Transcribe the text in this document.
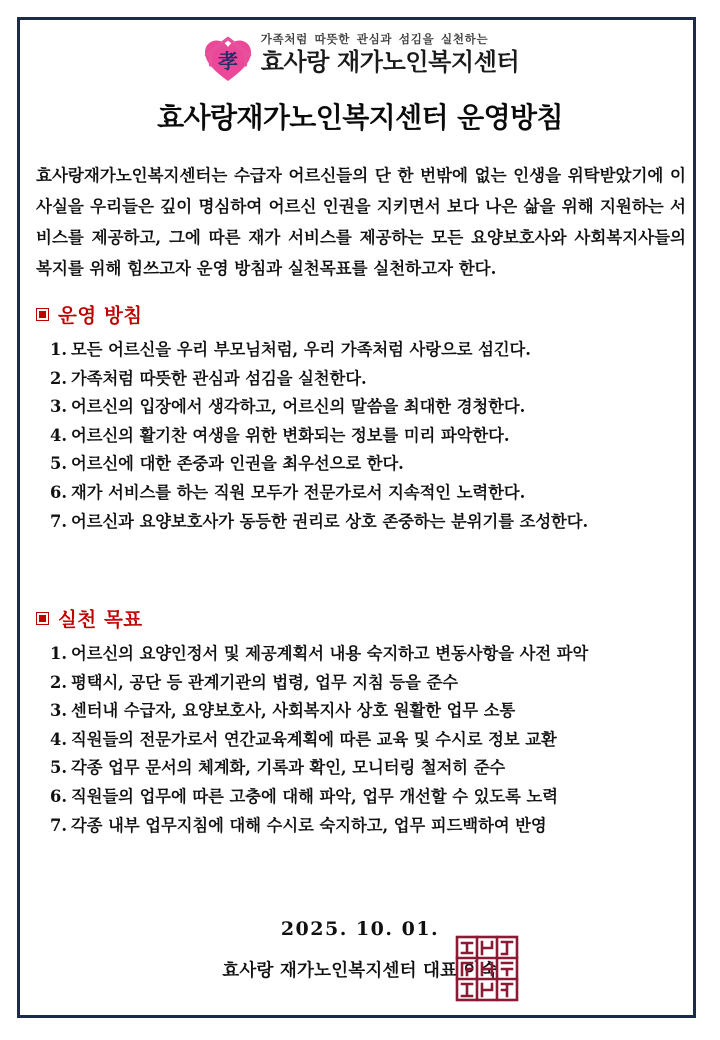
孝
가족처럼 따뜻한 관심과 섬김을 실천하는
효사랑 재가노인복지센터
효사랑재가노인복지센터 운영방침

효사랑재가노인복지센터는 수급자 어르신들의 단 한 번밖에 없는 인생을 위탁받았기에 이 사실을 우리들은 깊이 명심하여 어르신 인권을 지키면서 보다 나은 삶을 위해 지원하는 서비스를 제공하고, 그에 따른 재가 서비스를 제공하는 모든 요양보호사와 사회복지사들의 복지를 위해 힘쓰고자 운영 방침과 실천목표를 실천하고자 한다.

운영 방침
1. 모든 어르신을 우리 부모님처럼, 우리 가족처럼 사랑으로 섬긴다.
2. 가족처럼 따뜻한 관심과 섬김을 실천한다.
3. 어르신의 입장에서 생각하고, 어르신의 말씀을 최대한 경청한다.
4. 어르신의 활기찬 여생을 위한 변화되는 정보를 미리 파악한다.
5. 어르신에 대한 존중과 인권을 최우선으로 한다.
6. 재가 서비스를 하는 직원 모두가 전문가로서 지속적인 노력한다.
7. 어르신과 요양보호사가 동등한 권리로 상호 존중하는 분위기를 조성한다.
실천 목표
1. 어르신의 요양인정서 및 제공계획서 내용 숙지하고 변동사항을 사전 파악
2. 평택시, 공단 등 관계기관의 법령, 업무 지침 등을 준수
3. 센터내 수급자, 요양보호사, 사회복지사 상호 원활한 업무 소통
4. 직원들의 전문가로서 연간교육계획에 따른 교육 및 수시로 정보 교환
5. 각종 업무 문서의 체계화, 기록과 확인, 모니터링 철저히 준수
6. 직원들의 업무에 따른 고충에 대해 파악, 업무 개선할 수 있도록 노력
7. 각종 내부 업무지침에 대해 수시로 숙지하고, 업무 피드백하여 반영
2025. 10. 01.
효사랑 재가노인복지센터 대표 이숙
